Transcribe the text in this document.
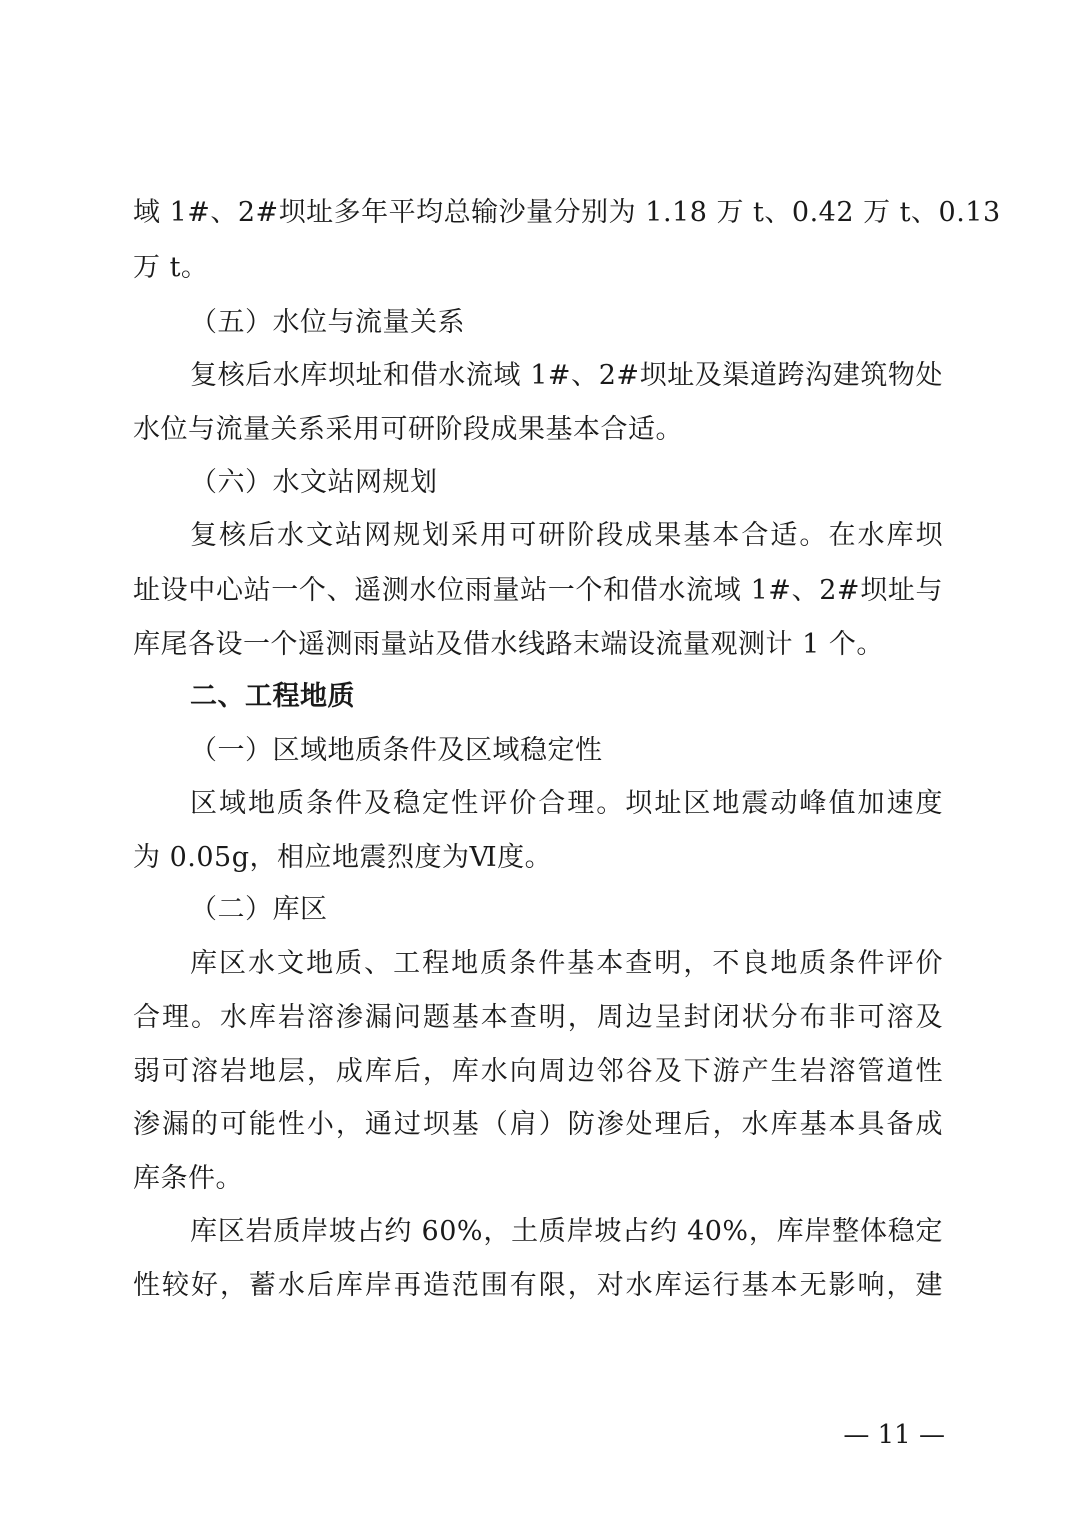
域 1#、2#坝址多年平均总输沙量分别为 1.18 万 t、0.42 万 t、0.13
万 t。
（五）水位与流量关系
复核后水库坝址和借水流域 1#、2#坝址及渠道跨沟建筑物处
水位与流量关系采用可研阶段成果基本合适。
（六）水文站网规划
复核后水文站网规划采用可研阶段成果基本合适。在水库坝
址设中心站一个、遥测水位雨量站一个和借水流域 1#、2#坝址与
库尾各设一个遥测雨量站及借水线路末端设流量观测计 1 个。
二、工程地质
（一）区域地质条件及区域稳定性
区域地质条件及稳定性评价合理。坝址区地震动峰值加速度
为 0.05g，相应地震烈度为Ⅵ度。
（二）库区
库区水文地质、工程地质条件基本查明，不良地质条件评价
合理。水库岩溶渗漏问题基本查明，周边呈封闭状分布非可溶及
弱可溶岩地层，成库后，库水向周边邻谷及下游产生岩溶管道性
渗漏的可能性小，通过坝基（肩）防渗处理后，水库基本具备成
库条件。
库区岩质岸坡占约 60%，土质岸坡占约 40%，库岸整体稳定
性较好，蓄水后库岸再造范围有限，对水库运行基本无影响，建
— 11 —
